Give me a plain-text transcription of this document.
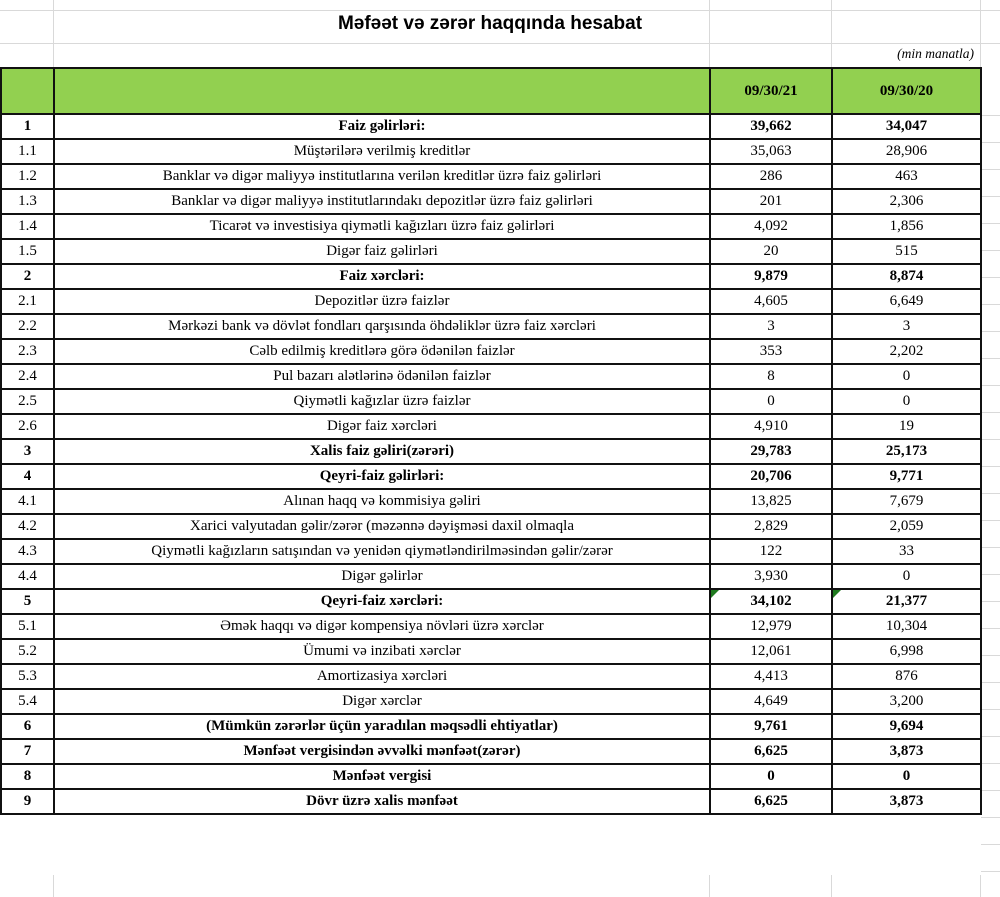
Məfəət və zərər haqqında hesabat
(min manatla)
		09/30/21	09/30/20
1	Faiz gəlirləri:	39,662	34,047
1.1	Müştərilərə verilmiş kreditlər	35,063	28,906
1.2	Banklar və digər maliyyə institutlarına verilən kreditlər üzrə faiz gəlirləri	286	463
1.3	Banklar və digər maliyyə institutlarındakı depozitlər üzrə faiz gəlirləri	201	2,306
1.4	Ticarət və investisiya qiymətli kağızları üzrə faiz gəlirləri	4,092	1,856
1.5	Digər faiz gəlirləri	20	515
2	Faiz xərcləri:	9,879	8,874
2.1	Depozitlər üzrə faizlər	4,605	6,649
2.2	Mərkəzi bank və dövlət fondları qarşısında öhdəliklər üzrə faiz xərcləri	3	3
2.3	Cəlb edilmiş kreditlərə görə ödənilən faizlər	353	2,202
2.4	Pul bazarı alətlərinə ödənilən faizlər	8	0
2.5	Qiymətli kağızlar üzrə faizlər	0	0
2.6	Digər faiz xərcləri	4,910	19
3	Xalis faiz gəliri(zərəri)	29,783	25,173
4	Qeyri-faiz gəlirləri:	20,706	9,771
4.1	Alınan haqq və kommisiya gəliri	13,825	7,679
4.2	Xarici valyutadan gəlir/zərər (məzənnə dəyişməsi daxil olmaqla	2,829	2,059
4.3	Qiymətli kağızların satışından və yenidən qiymətləndirilməsindən gəlir/zərər	122	33
4.4	Digər gəlirlər	3,930	0
5	Qeyri-faiz xərcləri:	34,102	21,377
5.1	Əmək haqqı və digər kompensiya növləri üzrə xərclər	12,979	10,304
5.2	Ümumi və inzibati xərclər	12,061	6,998
5.3	Amortizasiya xərcləri	4,413	876
5.4	Digər xərclər	4,649	3,200
6	(Mümkün zərərlər üçün yaradılan məqsədli ehtiyatlar)	9,761	9,694
7	Mənfəət vergisindən əvvəlki mənfəət(zərər)	6,625	3,873
8	Mənfəət vergisi	0	0
9	Dövr üzrə xalis mənfəət	6,625	3,873
